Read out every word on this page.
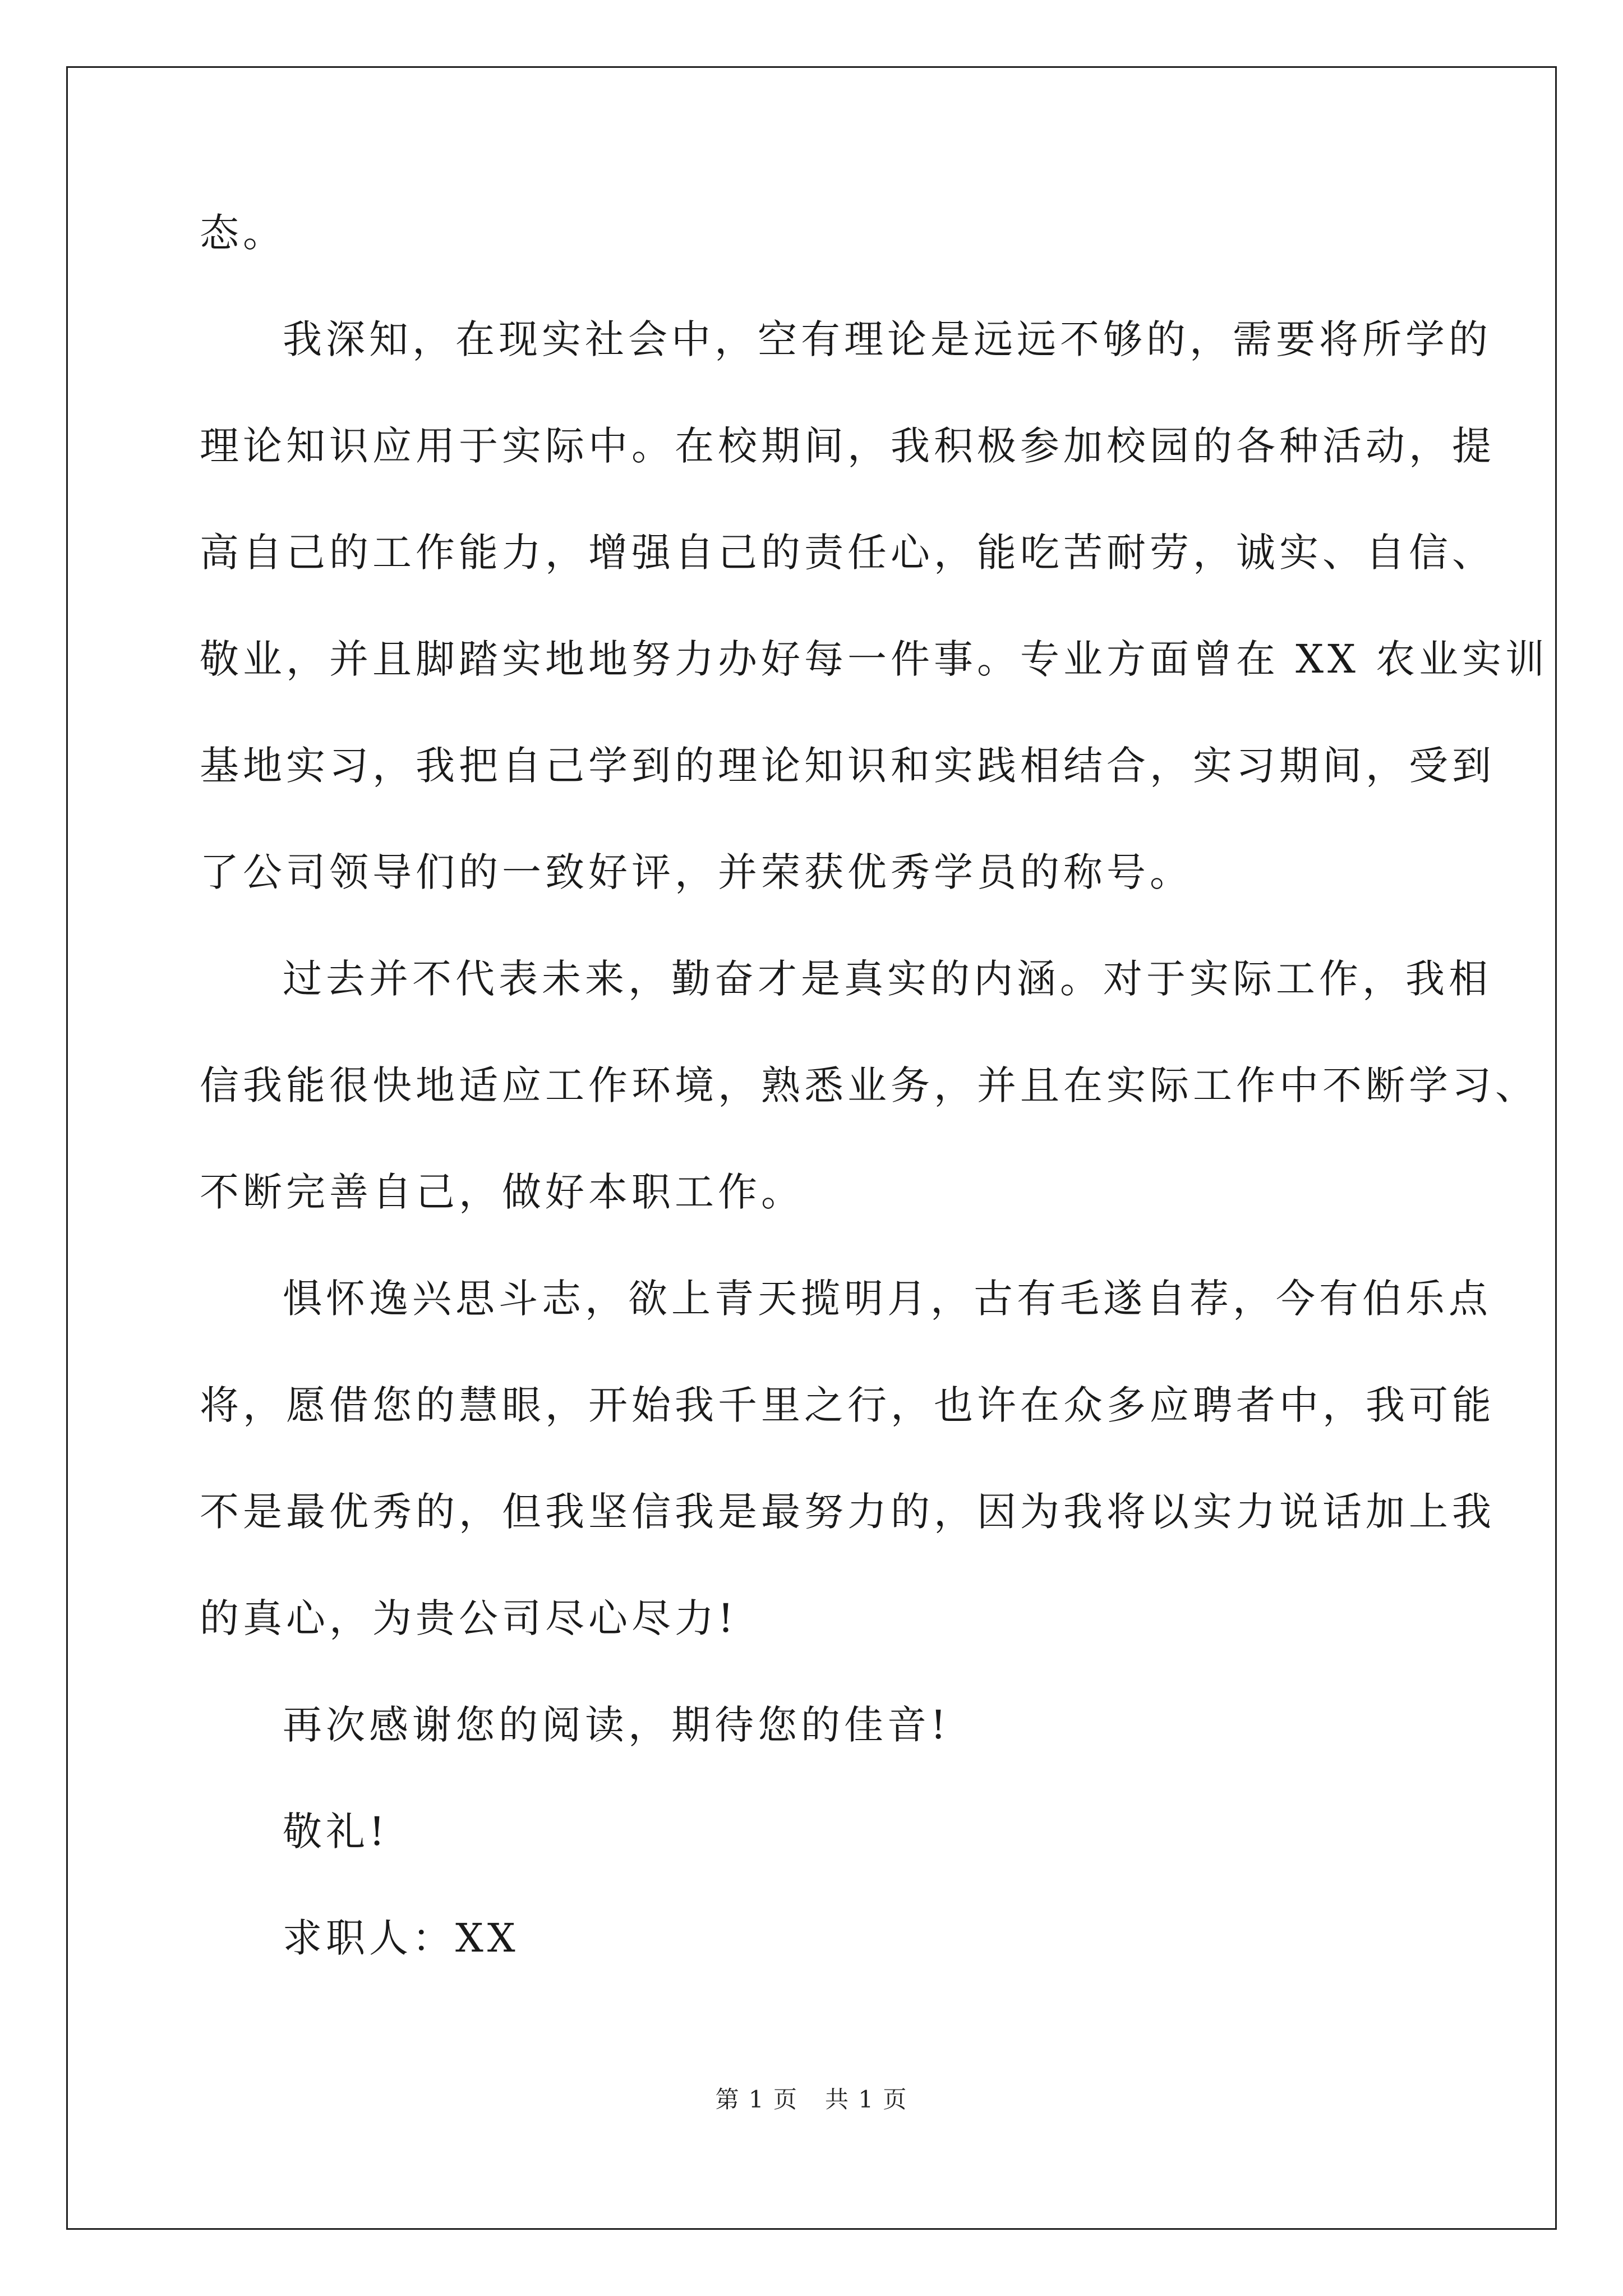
态。
我深知，在现实社会中，空有理论是远远不够的，需要将所学的
理论知识应用于实际中。在校期间，我积极参加校园的各种活动，提
高自己的工作能力，增强自己的责任心，能吃苦耐劳，诚实、自信、
敬业，并且脚踏实地地努力办好每一件事。专业方面曾在 XX 农业实训
基地实习，我把自己学到的理论知识和实践相结合，实习期间，受到
了公司领导们的一致好评，并荣获优秀学员的称号。
过去并不代表未来，勤奋才是真实的内涵。对于实际工作，我相
信我能很快地适应工作环境，熟悉业务，并且在实际工作中不断学习、
不断完善自己，做好本职工作。
惧怀逸兴思斗志，欲上青天揽明月，古有毛遂自荐，今有伯乐点
将，愿借您的慧眼，开始我千里之行，也许在众多应聘者中，我可能
不是最优秀的，但我坚信我是最努力的，因为我将以实力说话加上我
的真心，为贵公司尽心尽力!
再次感谢您的阅读，期待您的佳音!
敬礼!
求职人：XX
第 1 页 共 1 页
